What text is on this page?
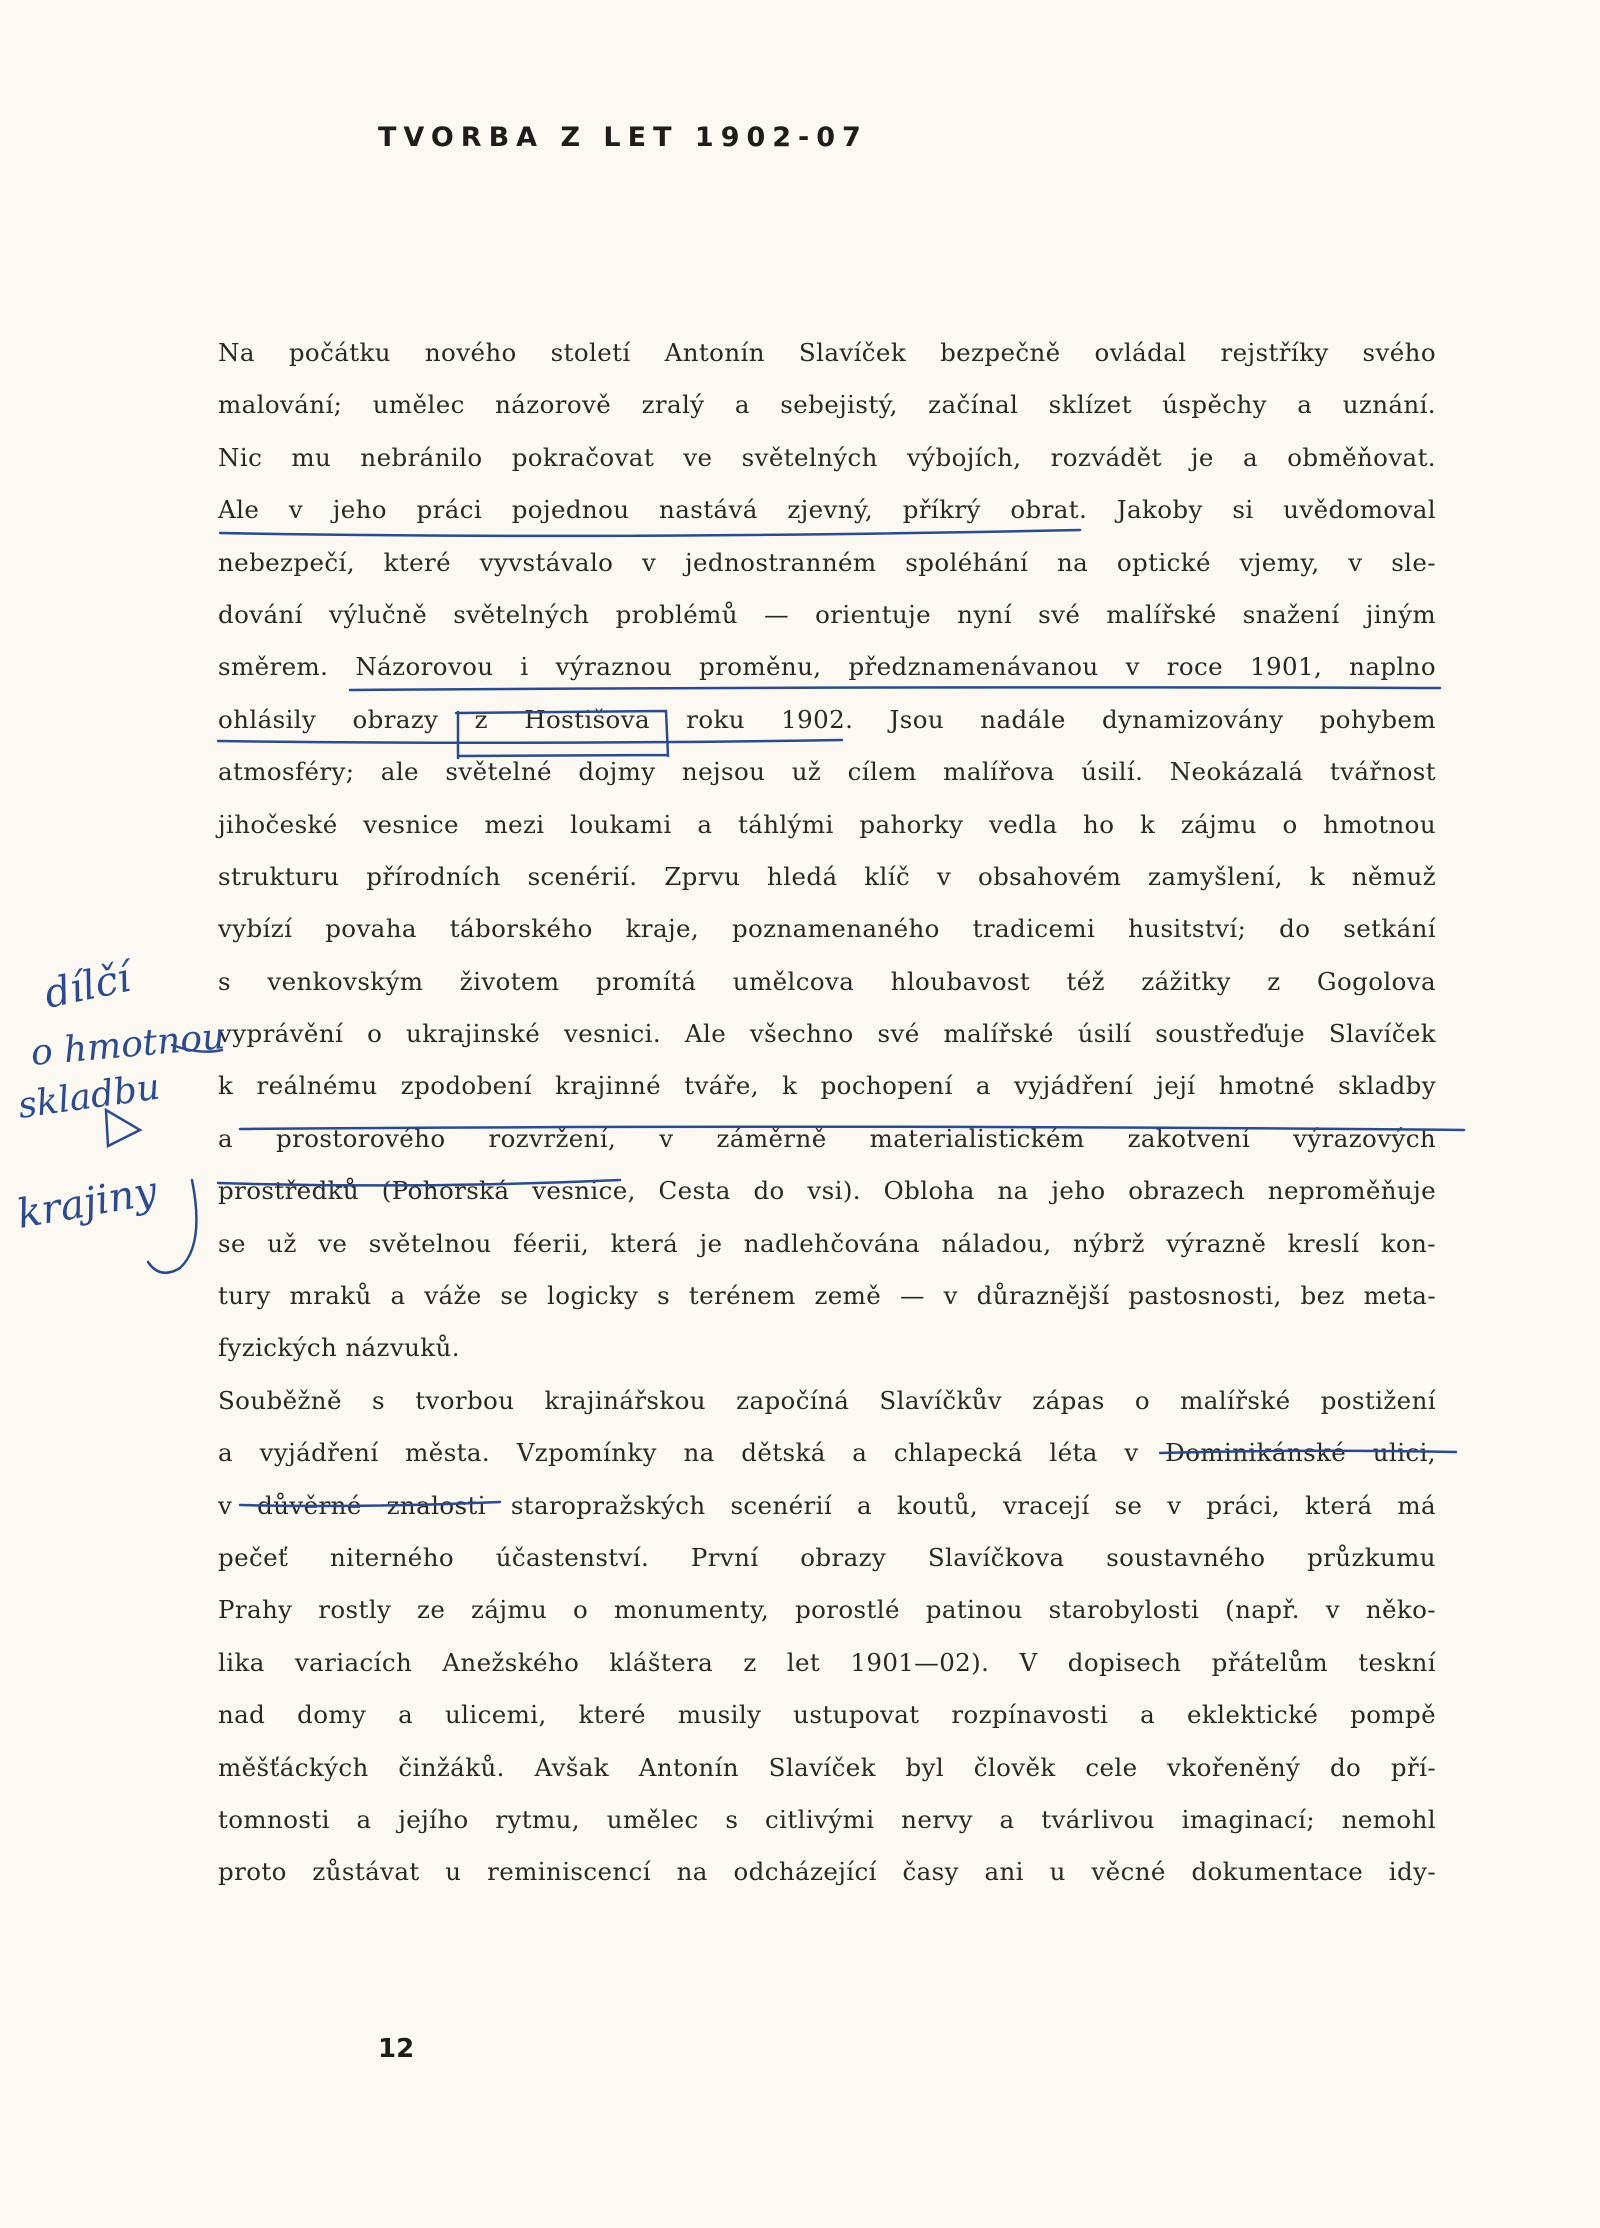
TVORBA Z LET 1902-07
Na počátku nového století Antonín Slavíček bezpečně ovládal rejstříky svého
malování; umělec názorově zralý a sebejistý, začínal sklízet úspěchy a uznání.
Nic mu nebránilo pokračovat ve světelných výbojích, rozvádět je a obměňovat.
Ale v jeho práci pojednou nastává zjevný, příkrý obrat. Jakoby si uvědomoval
nebezpečí, které vyvstávalo v jednostranném spoléhání na optické vjemy, v sle-
dování výlučně světelných problémů — orientuje nyní své malířské snažení jiným
směrem. Názorovou i výraznou proměnu, předznamenávanou v roce 1901, naplno
ohlásily obrazy z Hostišova roku 1902. Jsou nadále dynamizovány pohybem
atmosféry; ale světelné dojmy nejsou už cílem malířova úsilí. Neokázalá tvářnost
jihočeské vesnice mezi loukami a táhlými pahorky vedla ho k zájmu o hmotnou
strukturu přírodních scenérií. Zprvu hledá klíč v obsahovém zamyšlení, k němuž
vybízí povaha táborského kraje, poznamenaného tradicemi husitství; do setkání
s venkovským životem promítá umělcova hloubavost též zážitky z Gogolova
vyprávění o ukrajinské vesnici. Ale všechno své malířské úsilí soustřeďuje Slavíček
k reálnému zpodobení krajinné tváře, k pochopení a vyjádření její hmotné skladby
a prostorového rozvržení, v záměrně materialistickém zakotvení výrazových
prostředků (Pohorská vesnice, Cesta do vsi). Obloha na jeho obrazech neproměňuje
se už ve světelnou féerii, která je nadlehčována náladou, nýbrž výrazně kreslí kon-
tury mraků a váže se logicky s terénem země — v důraznější pastosnosti, bez meta-
fyzických názvuků.
Souběžně s tvorbou krajinářskou započíná Slavíčkův zápas o malířské postižení
a vyjádření města. Vzpomínky na dětská a chlapecká léta v Dominikánské ulici,
v důvěrné znalosti staropražských scenérií a koutů, vracejí se v práci, která má
pečeť niterného účastenství. První obrazy Slavíčkova soustavného průzkumu
Prahy rostly ze zájmu o monumenty, porostlé patinou starobylosti (např. v něko-
lika variacích Anežského kláštera z let 1901—02). V dopisech přátelům teskní
nad domy a ulicemi, které musily ustupovat rozpínavosti a eklektické pompě
měšťáckých činžáků. Avšak Antonín Slavíček byl člověk cele vkořeněný do pří-
tomnosti a jejího rytmu, umělec s citlivými nervy a tvárlivou imaginací; nemohl
proto zůstávat u reminiscencí na odcházející časy ani u věcné dokumentace idy-
12
dílčí
o hmotnou
skladbu
krajiny
